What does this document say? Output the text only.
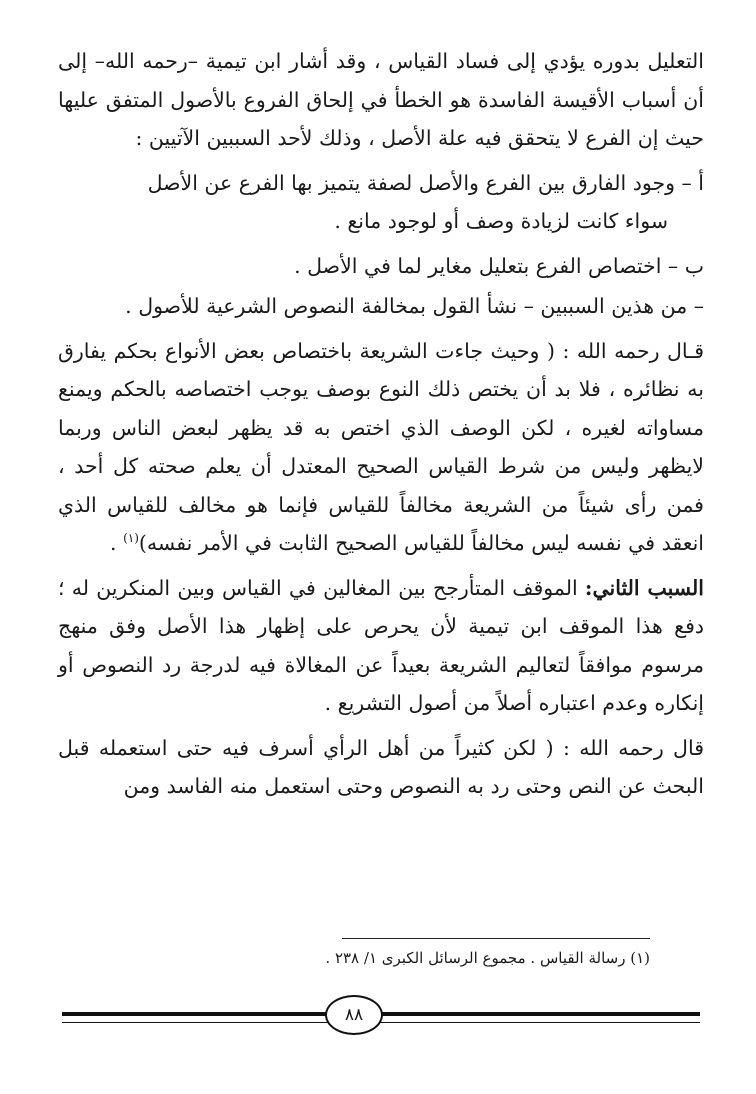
التعليل بدوره يؤدي إلى فساد القياس ، وقد أشار ابن تيمية –رحمه الله– إلى أن أسباب الأقيسة الفاسدة هو الخطأ في إلحاق الفروع بالأصول المتفق عليها حيث إن الفرع لا يتحقق فيه علة الأصل ، وذلك لأحد السببين الآتيين :

أ – وجود الفارق بين الفرع والأصل لصفة يتميز بها الفرع عن الأصل
سواء كانت لزيادة وصف أو لوجود مانع .

ب – اختصاص الفرع بتعليل مغاير لما في الأصل .

– من هذين السببين – نشأ القول بمخالفة النصوص الشرعية للأصول .

قـال رحمه الله : ( وحيث جاءت الشريعة باختصاص بعض الأنواع بحكم يفارق به نظائره ، فلا بد أن يختص ذلك النوع بوصف يوجب اختصاصه بالحكم ويمنع مساواته لغيره ، لكن الوصف الذي اختص به قد يظهر لبعض الناس وربما لايظهر وليس من شرط القياس الصحيح المعتدل أن يعلم صحته كل أحد ، فمن رأى شيئاً من الشريعة مخالفاً للقياس فإنما هو مخالف للقياس الذي انعقد في نفسه ليس مخالفاً للقياس الصحيح الثابت في الأمر نفسه)$^{(١)}$ .

السبب الثاني: الموقف المتأرجح بين المغالين في القياس وبين المنكرين له ؛ دفع هذا الموقف ابن تيمية لأن يحرص على إظهار هذا الأصل وفق منهج مرسوم موافقاً لتعاليم الشريعة بعيداً عن المغالاة فيه لدرجة رد النصوص أو إنكاره وعدم اعتباره أصلاً من أصول التشريع .

قال رحمه الله : ( لكن كثيراً من أهل الرأي أسرف فيه حتى استعمله قبل البحث عن النص وحتى رد به النصوص وحتى استعمل منه الفاسد ومن

(١) رسالة القياس . مجموع الرسائل الكبرى ١/ ٢٣٨ .
٨٨
